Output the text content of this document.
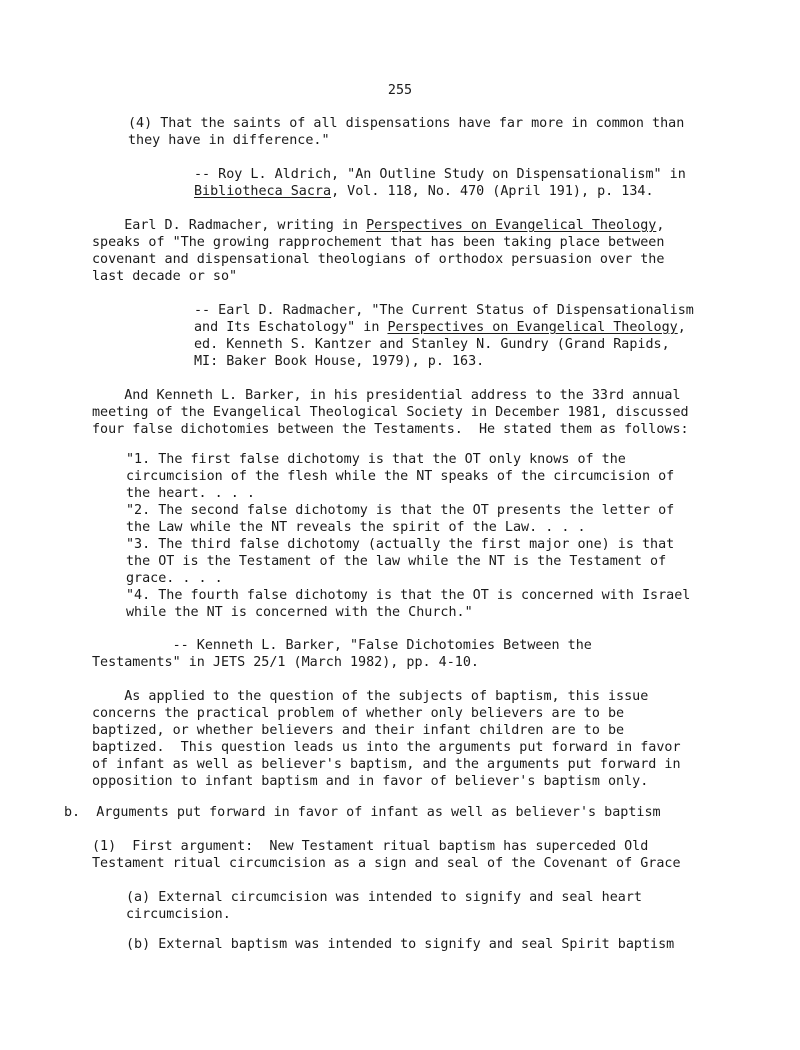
255
(4) That the saints of all dispensations have far more in common than
they have in difference."
-- Roy L. Aldrich, "An Outline Study on Dispensationalism" in
Bibliotheca Sacra, Vol. 118, No. 470 (April 191), p. 134.
Earl D. Radmacher, writing in Perspectives on Evangelical Theology,
speaks of "The growing rapprochement that has been taking place between
covenant and dispensational theologians of orthodox persuasion over the
last decade or so"
-- Earl D. Radmacher, "The Current Status of Dispensationalism
and Its Eschatology" in Perspectives on Evangelical Theology,
ed. Kenneth S. Kantzer and Stanley N. Gundry (Grand Rapids,
MI: Baker Book House, 1979), p. 163.
And Kenneth L. Barker, in his presidential address to the 33rd annual
meeting of the Evangelical Theological Society in December 1981, discussed
four false dichotomies between the Testaments.  He stated them as follows:
"1. The first false dichotomy is that the OT only knows of the
circumcision of the flesh while the NT speaks of the circumcision of
the heart. . . .
"2. The second false dichotomy is that the OT presents the letter of
the Law while the NT reveals the spirit of the Law. . . .
"3. The third false dichotomy (actually the first major one) is that
the OT is the Testament of the law while the NT is the Testament of
grace. . . .
"4. The fourth false dichotomy is that the OT is concerned with Israel
while the NT is concerned with the Church."
-- Kenneth L. Barker, "False Dichotomies Between the
Testaments" in JETS 25/1 (March 1982), pp. 4-10.
As applied to the question of the subjects of baptism, this issue
concerns the practical problem of whether only believers are to be
baptized, or whether believers and their infant children are to be
baptized.  This question leads us into the arguments put forward in favor
of infant as well as believer's baptism, and the arguments put forward in
opposition to infant baptism and in favor of believer's baptism only.
b.  Arguments put forward in favor of infant as well as believer's baptism
(1)  First argument:  New Testament ritual baptism has superceded Old
Testament ritual circumcision as a sign and seal of the Covenant of Grace
(a) External circumcision was intended to signify and seal heart
circumcision.
(b) External baptism was intended to signify and seal Spirit baptism
